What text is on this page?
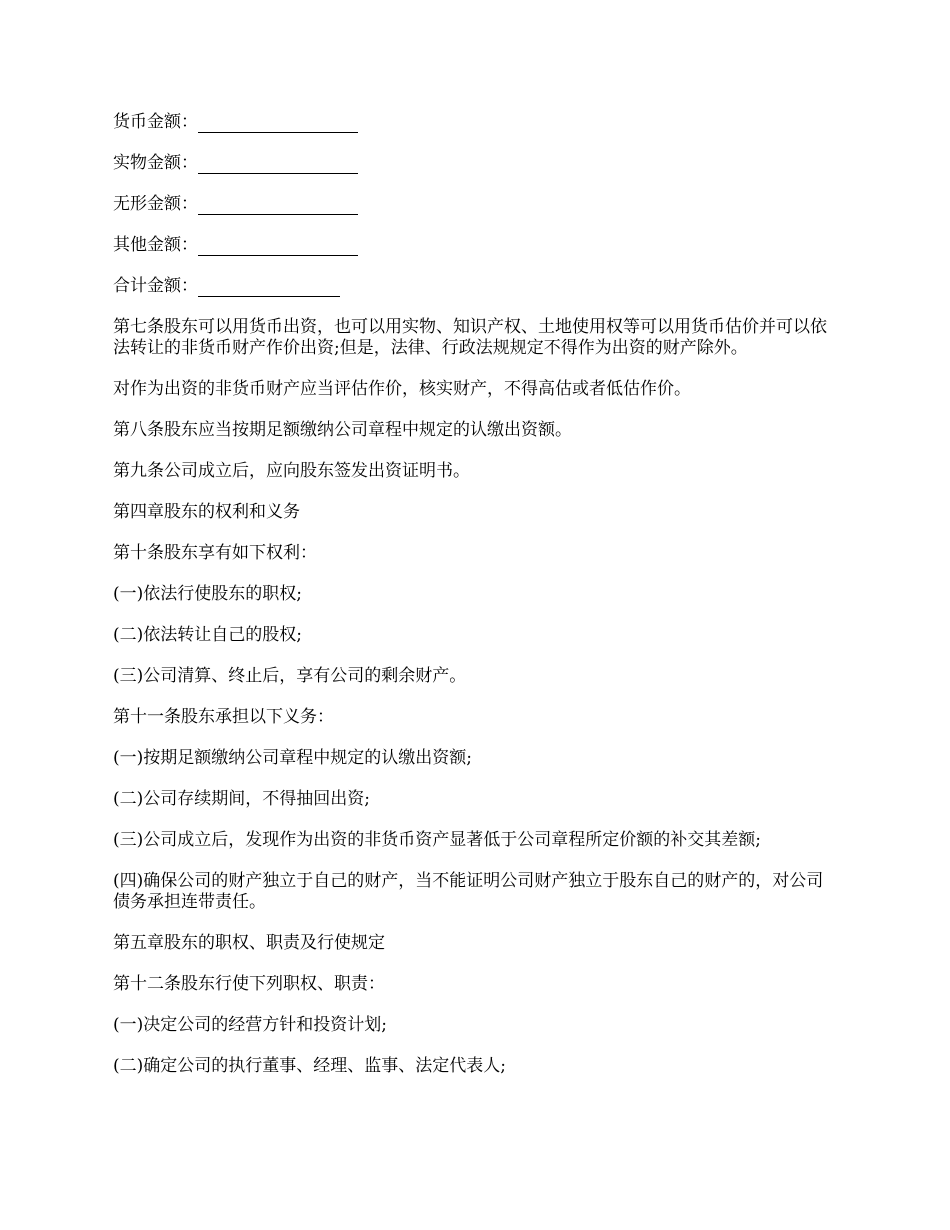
货币金额：
实物金额：
无形金额：
其他金额：
合计金额：

第七条股东可以用货币出资，也可以用实物、知识产权、土地使用权等可以用货币估价并可以依法转让的非货币财产作价出资;但是，法律、行政法规规定不得作为出资的财产除外。

对作为出资的非货币财产应当评估作价，核实财产，不得高估或者低估作价。

第八条股东应当按期足额缴纳公司章程中规定的认缴出资额。

第九条公司成立后，应向股东签发出资证明书。

第四章股东的权利和义务

第十条股东享有如下权利：

(一)依法行使股东的职权;

(二)依法转让自己的股权;

(三)公司清算、终止后，享有公司的剩余财产。

第十一条股东承担以下义务：

(一)按期足额缴纳公司章程中规定的认缴出资额;

(二)公司存续期间，不得抽回出资;

(三)公司成立后，发现作为出资的非货币资产显著低于公司章程所定价额的补交其差额;

(四)确保公司的财产独立于自己的财产，当不能证明公司财产独立于股东自己的财产的，对公司债务承担连带责任。

第五章股东的职权、职责及行使规定

第十二条股东行使下列职权、职责：

(一)决定公司的经营方针和投资计划;

(二)确定公司的执行董事、经理、监事、法定代表人;
